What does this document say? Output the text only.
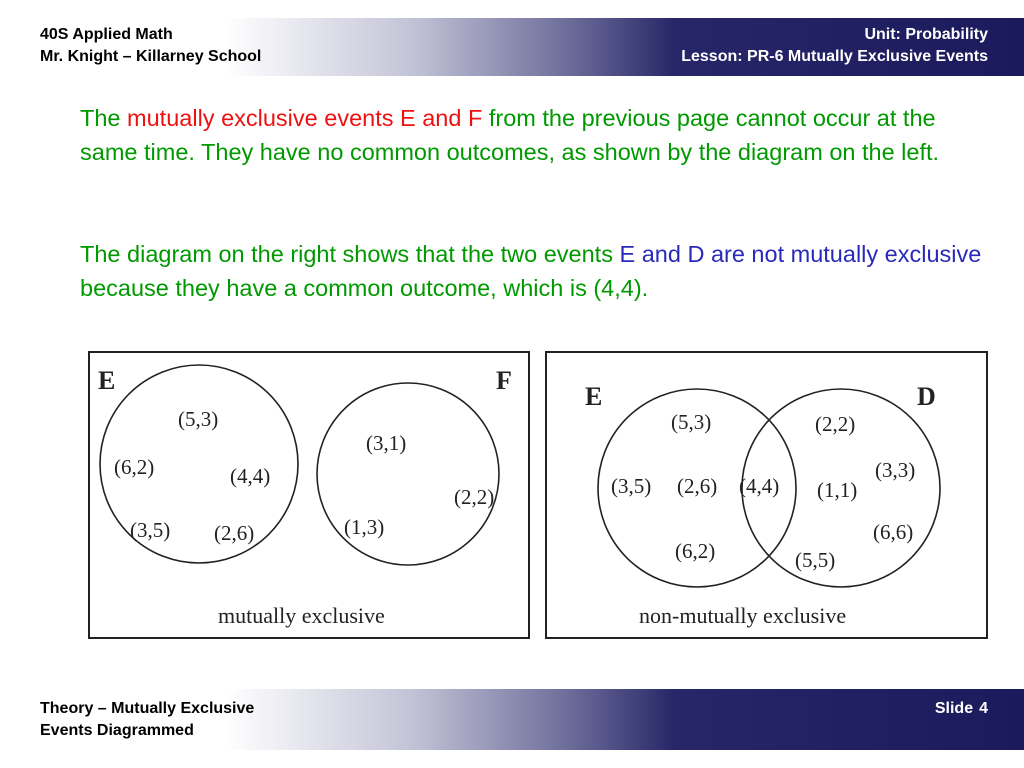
40S Applied Math
Mr. Knight – Killarney School
Unit: Probability
Lesson: PR-6 Mutually Exclusive Events
The mutually exclusive events E and F from the previous page cannot occur at the same time. They have no common outcomes, as shown by the diagram on the left.
The diagram on the right shows that the two events E and D are not mutually exclusive because they have a common outcome, which is (4,4).
E	F
(5,3)
(6,2)	(4,4)
(3,5) (2,6)
(3,1)
(2,2)
(1,3)
mutually exclusive
E	D
(5,3)
(3,5) (2,6)
(6,2)
(4,4)
(2,2)
(3,3)
(1,1)
(6,6)
(5,5)
non-mutually exclusive
Theory – Mutually Exclusive
Events Diagrammed
Slide 4
